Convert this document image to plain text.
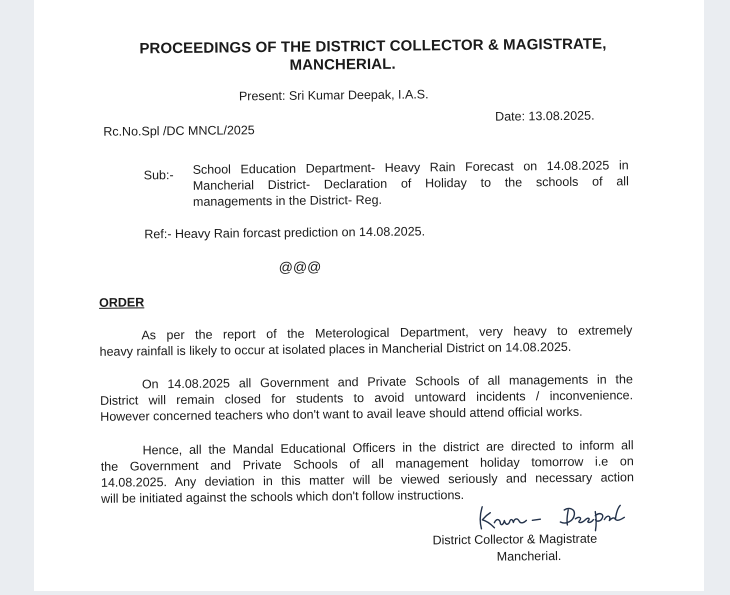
PROCEEDINGS OF THE DISTRICT COLLECTOR & MAGISTRATE,
MANCHERIAL.
Present: Sri Kumar Deepak, I.A.S.
Rc.No.Spl /DC MNCL/2025
Date: 13.08.2025.
Sub:- School Education Department- Heavy Rain Forecast on 14.08.2025 in
Mancherial District- Declaration of Holiday to the schools of all
managements in the District- Reg.
Ref:- Heavy Rain forcast prediction on 14.08.2025.
@@@
ORDER
As per the report of the Meterological Department, very heavy to extremely
heavy rainfall is likely to occur at isolated places in Mancherial District on 14.08.2025.
On 14.08.2025 all Government and Private Schools of all managements in the
District will remain closed for students to avoid untoward incidents / inconvenience.
However concerned teachers who don't want to avail leave should attend official works.
Hence, all the Mandal Educational Officers in the district are directed to inform all
the Government and Private Schools of all management holiday tomorrow i.e on
14.08.2025. Any deviation in this matter will be viewed seriously and necessary action
will be initiated against the schools which don't follow instructions.
District Collector & Magistrate
Mancherial.
